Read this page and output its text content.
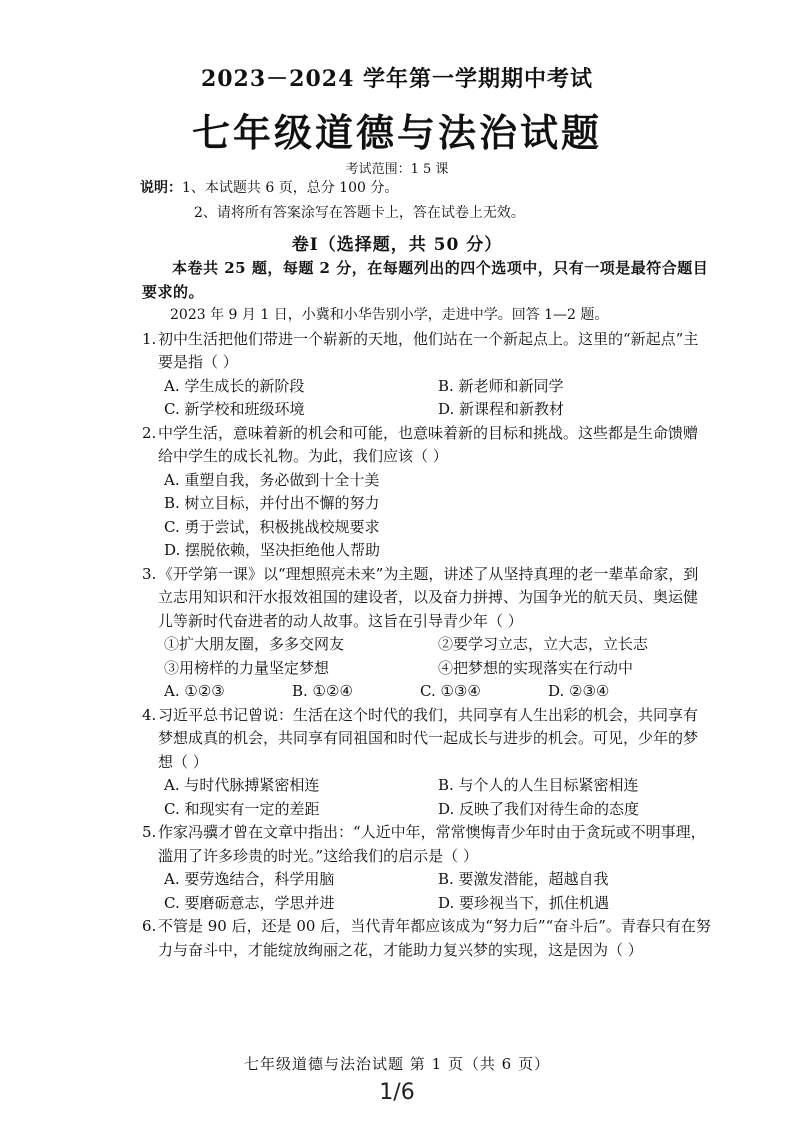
2023－2024 学年第一学期期中考试
七年级道德与法治试题
考试范围：1 5 课
说明：1、本试题共 6 页，总分 100 分。
2、请将所有答案涂写在答题卡上，答在试卷上无效。
卷Ⅰ（选择题，共 50 分）
本卷共 25 题，每题 2 分，在每题列出的四个选项中，只有一项是最符合题目要求的。
2023 年 9 月 1 日，小冀和小华告别小学，走进中学。回答 1—2 题。
1. 初中生活把他们带进一个崭新的天地，他们站在一个新起点上。这里的“新起点”主要是指（ ）
A. 学生成长的新阶段	B. 新老师和新同学
C. 新学校和班级环境	D. 新课程和新教材
2. 中学生活，意味着新的机会和可能，也意味着新的目标和挑战。这些都是生命馈赠给中学生的成长礼物。为此，我们应该（ ）
A. 重塑自我，务必做到十全十美
B. 树立目标，并付出不懈的努力
C. 勇于尝试，积极挑战校规要求
D. 摆脱依赖，坚决拒绝他人帮助
3. 《开学第一课》以“理想照亮未来”为主题，讲述了从坚持真理的老一辈革命家，到立志用知识和汗水报效祖国的建设者，以及奋力拼搏、为国争光的航天员、奥运健儿等新时代奋进者的动人故事。这旨在引导青少年（ ）
①扩大朋友圈，多多交网友	②要学习立志，立大志，立长志
③用榜样的力量坚定梦想	④把梦想的实现落实在行动中
A. ①②③	B. ①②④	C. ①③④	D. ②③④
4. 习近平总书记曾说：生活在这个时代的我们，共同享有人生出彩的机会，共同享有梦想成真的机会，共同享有同祖国和时代一起成长与进步的机会。可见，少年的梦想（ ）
A. 与时代脉搏紧密相连	B. 与个人的人生目标紧密相连
C. 和现实有一定的差距	D. 反映了我们对待生命的态度
5. 作家冯骥才曾在文章中指出：“人近中年，常常懊悔青少年时由于贪玩或不明事理，滥用了许多珍贵的时光。”这给我们的启示是（ ）
A. 要劳逸结合，科学用脑	B. 要激发潜能，超越自我
C. 要磨砺意志，学思并进	D. 要珍视当下，抓住机遇
6. 不管是 90 后，还是 00 后，当代青年都应该成为“努力后”“奋斗后”。青春只有在努力与奋斗中，才能绽放绚丽之花，才能助力复兴梦的实现，这是因为（ ）
七年级道德与法治试题 第 1 页（共 6 页）
1/6
